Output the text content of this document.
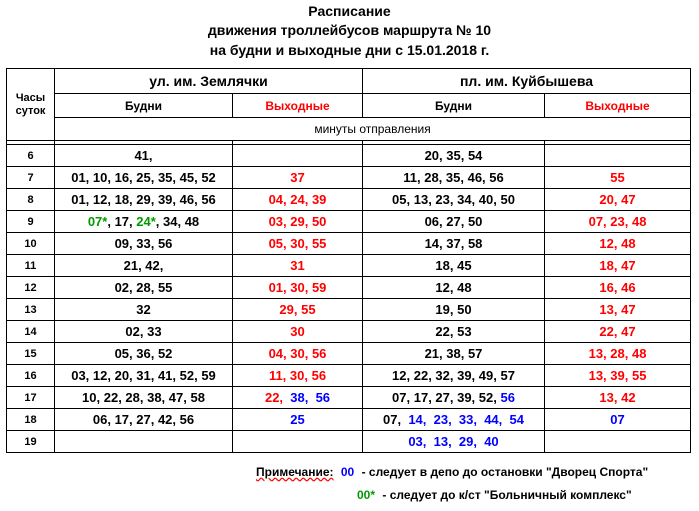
Расписание
движения троллейбусов маршрута № 10
на будни и выходные дни с 15.01.2018 г.
Часы
суток	ул. им. Землячки		пл. им. Куйбышева	
	Будни	Выходные	Будни	Выходные
	минуты отправления			

6	41,		20, 35, 54	
7	01, 10, 16, 25, 35, 45, 52	37	11, 28, 35, 46, 56	55
8	01, 12, 18, 29, 39, 46, 56	04, 24, 39	05, 13, 23, 34, 40, 50	20, 47
9	07*, 17, 24*, 34, 48	03, 29, 50	06, 27, 50	07, 23, 48
10	09, 33, 56	05, 30, 55	14, 37, 58	12, 48
11	21, 42,	31	18, 45	18, 47
12	02, 28, 55	01, 30, 59	12, 48	16, 46
13	32	29, 55	19, 50	13, 47
14	02, 33	30	22, 53	22, 47
15	05, 36, 52	04, 30, 56	21, 38, 57	13, 28, 48
16	03, 12, 20, 31, 41, 52, 59	11, 30, 56	12, 22, 32, 39, 49, 57	13, 39, 55
17	10, 22, 28, 38, 47, 58	22,  38,  56	07, 17, 27, 39, 52, 56	13, 42
18	06, 17, 27, 42, 56	25	07,  14,  23,  33,  44,  54	07
19			03,  13,  29,  40	
Примечание: 00 - следует в депо до остановки "Дворец Спорта"
00* - следует до к/ст "Больничный комплекс"
